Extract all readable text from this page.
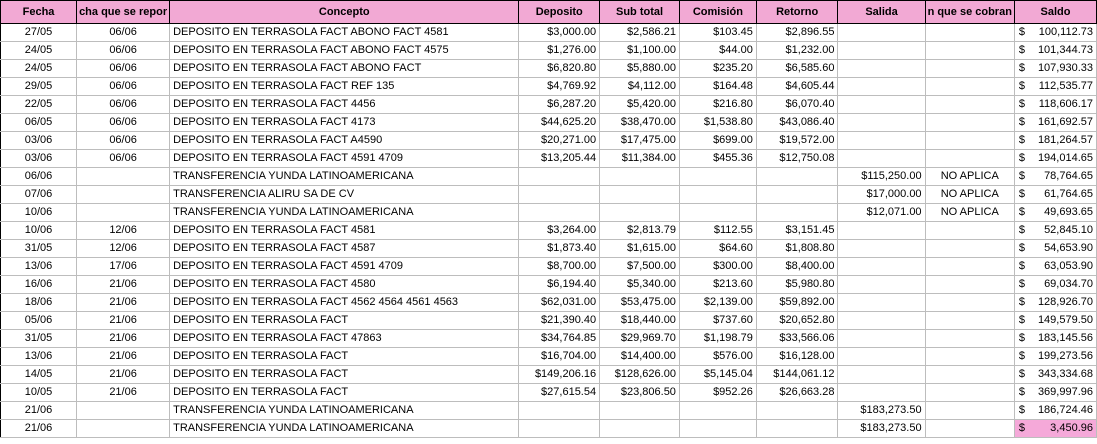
Fecha	cha que se repor	Concepto	Deposito	Sub total	Comisión	Retorno	Salida	n que se cobran	Saldo
27/05	06/06	DEPOSITO EN TERRASOLA FACT ABONO FACT 4581	$3,000.00	$2,586.21	$103.45	$2,896.55			$ 100,112.73

24/05	06/06	DEPOSITO EN TERRASOLA FACT ABONO FACT 4575	$1,276.00	$1,100.00	$44.00	$1,232.00			$ 101,344.73

24/05	06/06	DEPOSITO EN TERRASOLA FACT ABONO FACT	$6,820.80	$5,880.00	$235.20	$6,585.60			$ 107,930.33

29/05	06/06	DEPOSITO EN TERRASOLA FACT REF 135	$4,769.92	$4,112.00	$164.48	$4,605.44			$ 112,535.77

22/05	06/06	DEPOSITO EN TERRASOLA FACT 4456	$6,287.20	$5,420.00	$216.80	$6,070.40			$ 118,606.17

06/05	06/06	DEPOSITO EN TERRASOLA FACT 4173	$44,625.20	$38,470.00	$1,538.80	$43,086.40			$ 161,692.57

03/06	06/06	DEPOSITO EN TERRASOLA FACT A4590	$20,271.00	$17,475.00	$699.00	$19,572.00			$ 181,264.57

03/06	06/06	DEPOSITO EN TERRASOLA FACT 4591 4709	$13,205.44	$11,384.00	$455.36	$12,750.08			$ 194,014.65

06/06		TRANSFERENCIA YUNDA LATINOAMERICANA					$115,250.00	NO APLICA	$ 78,764.65

07/06		TRANSFERENCIA ALIRU SA DE CV					$17,000.00	NO APLICA	$ 61,764.65

10/06		TRANSFERENCIA YUNDA LATINOAMERICANA					$12,071.00	NO APLICA	$ 49,693.65

10/06	12/06	DEPOSITO EN TERRASOLA FACT 4581	$3,264.00	$2,813.79	$112.55	$3,151.45			$ 52,845.10

31/05	12/06	DEPOSITO EN TERRASOLA FACT 4587	$1,873.40	$1,615.00	$64.60	$1,808.80			$ 54,653.90

13/06	17/06	DEPOSITO EN TERRASOLA FACT 4591 4709	$8,700.00	$7,500.00	$300.00	$8,400.00			$ 63,053.90

16/06	21/06	DEPOSITO EN TERRASOLA FACT 4580	$6,194.40	$5,340.00	$213.60	$5,980.80			$ 69,034.70

18/06	21/06	DEPOSITO EN TERRASOLA FACT 4562 4564 4561 4563	$62,031.00	$53,475.00	$2,139.00	$59,892.00			$ 128,926.70

05/06	21/06	DEPOSITO EN TERRASOLA FACT	$21,390.40	$18,440.00	$737.60	$20,652.80			$ 149,579.50

31/05	21/06	DEPOSITO EN TERRASOLA FACT 47863	$34,764.85	$29,969.70	$1,198.79	$33,566.06			$ 183,145.56

13/06	21/06	DEPOSITO EN TERRASOLA FACT	$16,704.00	$14,400.00	$576.00	$16,128.00			$ 199,273.56

14/05	21/06	DEPOSITO EN TERRASOLA FACT	$149,206.16	$128,626.00	$5,145.04	$144,061.12			$ 343,334.68

10/05	21/06	DEPOSITO EN TERRASOLA FACT	$27,615.54	$23,806.50	$952.26	$26,663.28			$ 369,997.96

21/06		TRANSFERENCIA YUNDA LATINOAMERICANA					$183,273.50		$ 186,724.46

21/06		TRANSFERENCIA YUNDA LATINOAMERICANA					$183,273.50		$ 3,450.96
